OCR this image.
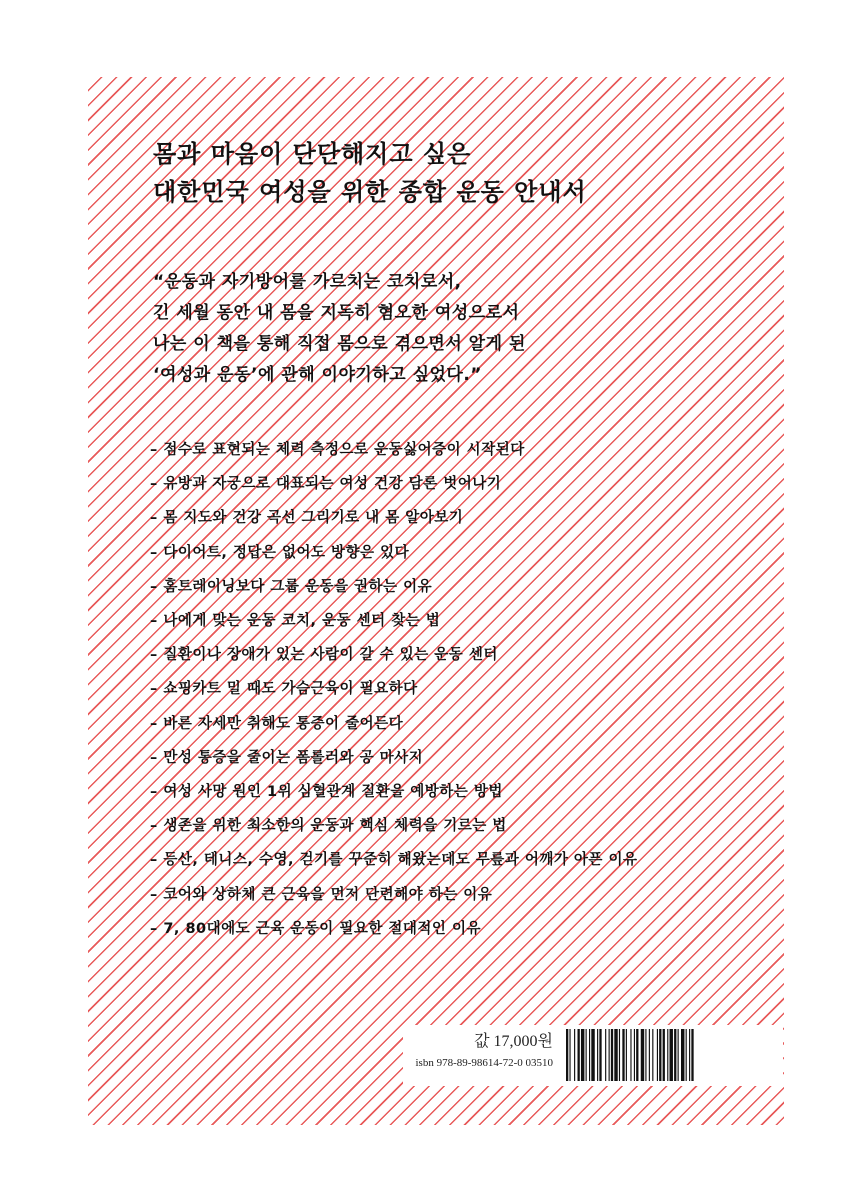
몸과 마음이 단단해지고 싶은
대한민국 여성을 위한 종합 운동 안내서
“운동과 자기방어를 가르치는 코치로서,
긴 세월 동안 내 몸을 지독히 혐오한 여성으로서
나는 이 책을 통해 직접 몸으로 겪으면서 알게 된
‘여성과 운동’에 관해 이야기하고 싶었다.”
– 점수로 표현되는 체력 측정으로 운동싫어증이 시작된다
– 유방과 자궁으로 대표되는 여성 건강 담론 벗어나기
– 몸 지도와 건강 곡선 그리기로 내 몸 알아보기
– 다이어트, 정답은 없어도 방향은 있다
– 홈트레이닝보다 그룹 운동을 권하는 이유
– 나에게 맞는 운동 코치, 운동 센터 찾는 법
– 질환이나 장애가 있는 사람이 갈 수 있는 운동 센터
– 쇼핑카트 밀 때도 가슴근육이 필요하다
– 바른 자세만 취해도 통증이 줄어든다
– 만성 통증을 줄이는 폼롤러와 공 마사지
– 여성 사망 원인 1위 심혈관계 질환을 예방하는 방법
– 생존을 위한 최소한의 운동과 핵심 체력을 기르는 법
– 등산, 테니스, 수영, 걷기를 꾸준히 해왔는데도 무릎과 어깨가 아픈 이유
– 코어와 상하체 큰 근육을 먼저 단련해야 하는 이유
– 7, 80대에도 근육 운동이 필요한 절대적인 이유
값 17,000원
isbn 978-89-98614-72-0 03510
